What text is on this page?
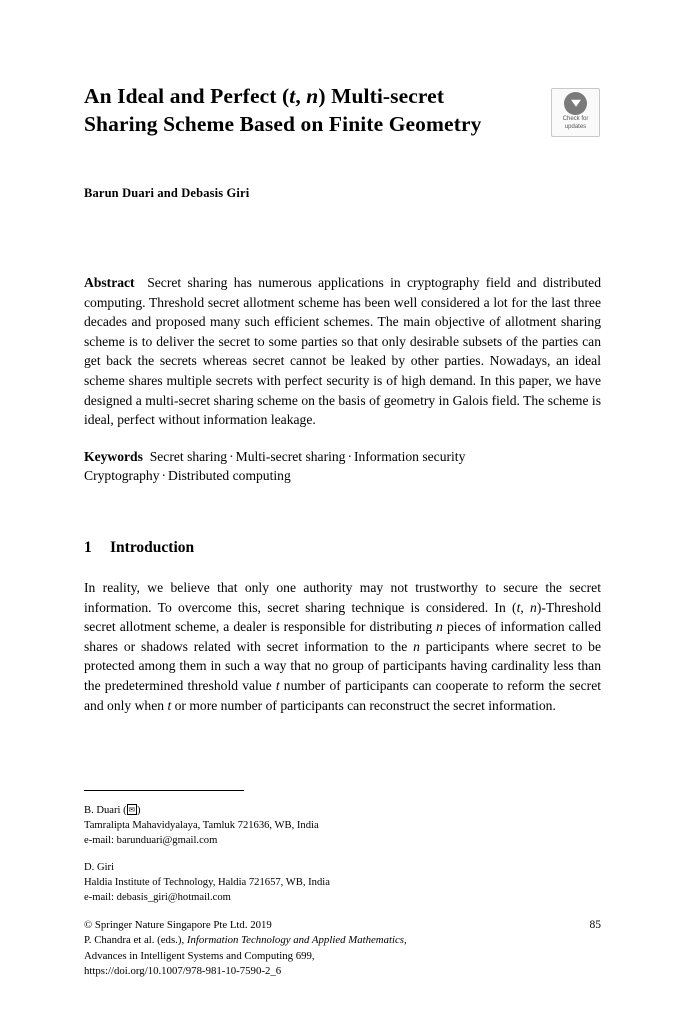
Check for
updates
An Ideal and Perfect (t, n) Multi-secret Sharing Scheme Based on Finite Geometry
Barun Duari and Debasis Giri
Abstract Secret sharing has numerous applications in cryptography field and distributed computing. Threshold secret allotment scheme has been well considered a lot for the last three decades and proposed many such efficient schemes. The main objective of allotment sharing scheme is to deliver the secret to some parties so that only desirable subsets of the parties can get back the secrets whereas secret cannot be leaked by other parties. Nowadays, an ideal scheme shares multiple secrets with perfect security is of high demand. In this paper, we have designed a multi-secret sharing scheme on the basis of geometry in Galois field. The scheme is ideal, perfect without information leakage.
Keywords Secret sharing · Multi-secret sharing · Information security
Cryptography · Distributed computing
1 Introduction
In reality, we believe that only one authority may not trustworthy to secure the secret information. To overcome this, secret sharing technique is considered. In (t, n)-Threshold secret allotment scheme, a dealer is responsible for distributing n pieces of information called shares or shadows related with secret information to the n participants where secret to be protected among them in such a way that no group of participants having cardinality less than the predetermined threshold value t number of participants can cooperate to reform the secret and only when t or more number of participants can reconstruct the secret information.
B. Duari ( ✉ )
Tamralipta Mahavidyalaya, Tamluk 721636, WB, India
e-mail: barunduari@gmail.com
D. Giri
Haldia Institute of Technology, Haldia 721657, WB, India
e-mail: debasis_giri@hotmail.com
© Springer Nature Singapore Pte Ltd. 2019	85
P. Chandra et al. (eds.), Information Technology and Applied Mathematics,
Advances in Intelligent Systems and Computing 699,
https://doi.org/10.1007/978-981-10-7590-2_6
